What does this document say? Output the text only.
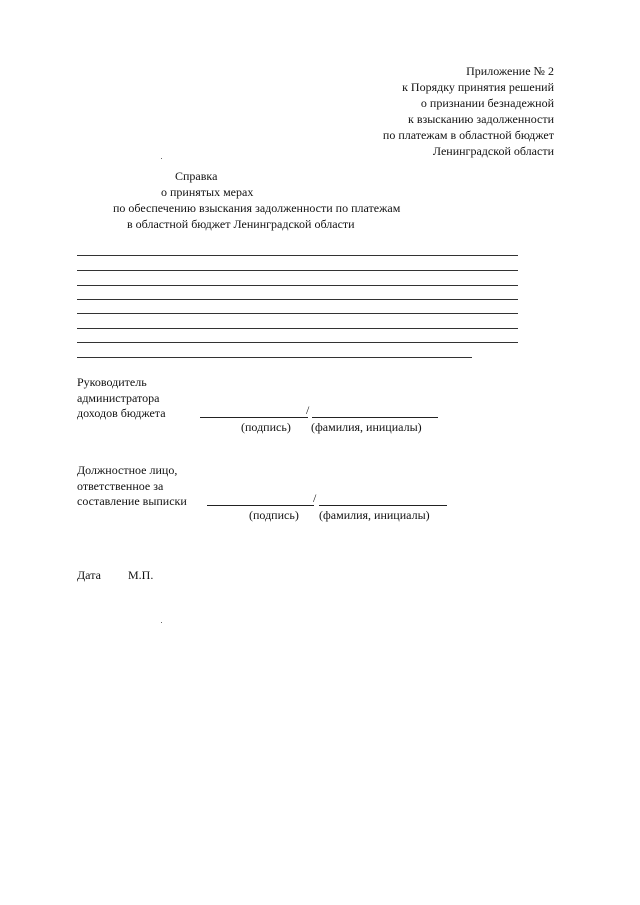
Приложение № 2
к Порядку принятия решений
о признании безнадежной
к взысканию задолженности
по платежам в областной бюджет
Ленинградской области
Справка
о принятых мерах
по обеспечению взыскания задолженности по платежам
в областной бюджет Ленинградской области
Руководитель
администратора
доходов бюджета	/
(подпись) (фамилия, инициалы)
Должностное лицо,
ответственное за
составление выписки	/
(подпись) (фамилия, инициалы)
Дата М.П.
